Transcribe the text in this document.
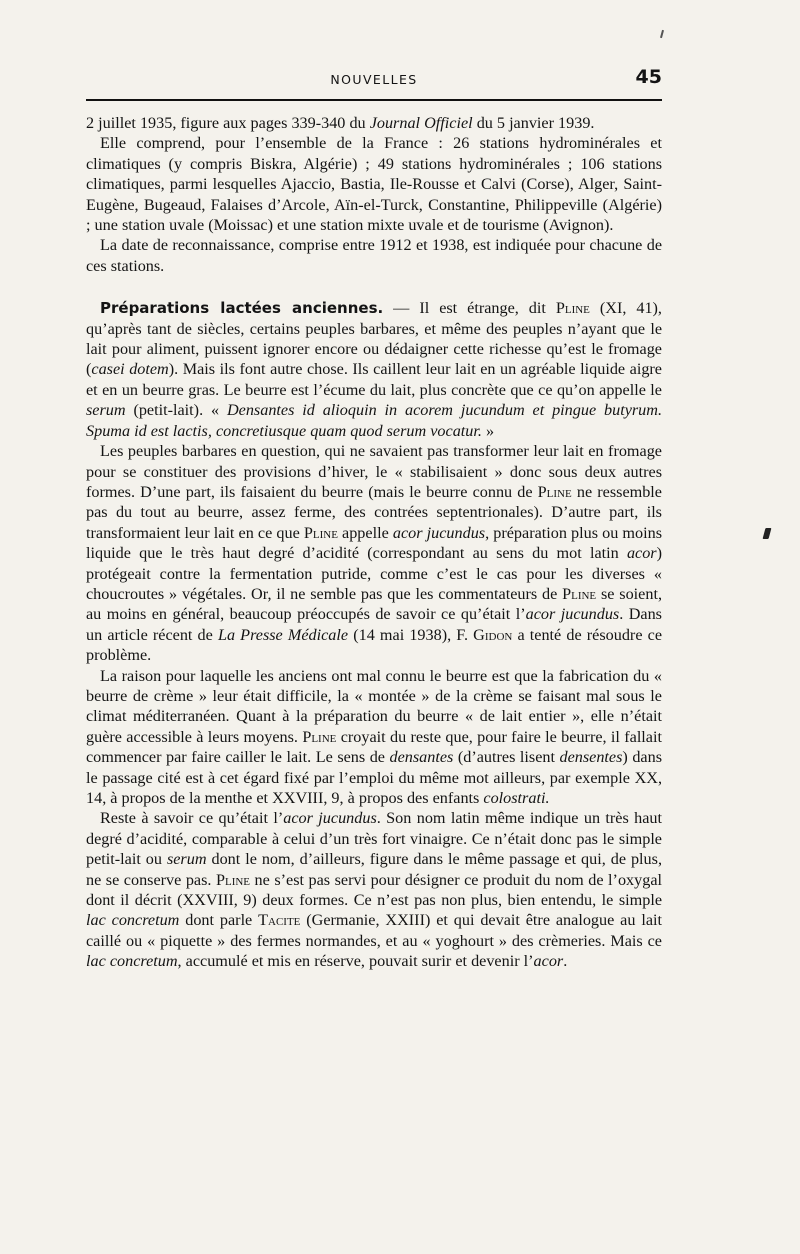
NOUVELLES	45

2 juillet 1935, figure aux pages 339-340 du Journal Officiel du 5 janvier 1939.

Elle comprend, pour l’ensemble de la France : 26 stations hydrominérales et climatiques (y compris Biskra, Algérie) ; 49 stations hydrominérales ; 106 stations climatiques, parmi lesquelles Ajaccio, Bastia, Ile-Rousse et Calvi (Corse), Alger, Saint-Eugène, Bugeaud, Falaises d’Arcole, Aïn-el-Turck, Constantine, Philippeville (Algérie) ; une station uvale (Moissac) et une station mixte uvale et de tourisme (Avignon).

La date de reconnaissance, comprise entre 1912 et 1938, est indiquée pour chacune de ces stations.

Préparations lactées anciennes. — Il est étrange, dit Pline (XI, 41), qu’après tant de siècles, certains peuples barbares, et même des peuples n’ayant que le lait pour aliment, puissent ignorer encore ou dédaigner cette richesse qu’est le fromage (casei dotem). Mais ils font autre chose. Ils caillent leur lait en un agréable liquide aigre et en un beurre gras. Le beurre est l’écume du lait, plus concrète que ce qu’on appelle le serum (petit-lait). « Densantes id alioquin in acorem jucundum et pingue butyrum. Spuma id est lactis, concretiusque quam quod serum vocatur. »

Les peuples barbares en question, qui ne savaient pas transformer leur lait en fromage pour se constituer des provisions d’hiver, le « stabilisaient » donc sous deux autres formes. D’une part, ils faisaient du beurre (mais le beurre connu de Pline ne ressemble pas du tout au beurre, assez ferme, des contrées septentrionales). D’autre part, ils transformaient leur lait en ce que Pline appelle acor jucundus, préparation plus ou moins liquide que le très haut degré d’acidité (correspondant au sens du mot latin acor) protégeait contre la fermentation putride, comme c’est le cas pour les diverses « choucroutes » végétales. Or, il ne semble pas que les commentateurs de Pline se soient, au moins en général, beaucoup préoccupés de savoir ce qu’était l’acor jucundus. Dans un article récent de La Presse Médicale (14 mai 1938), F. Gidon a tenté de résoudre ce problème.

La raison pour laquelle les anciens ont mal connu le beurre est que la fabrication du « beurre de crème » leur était difficile, la « montée » de la crème se faisant mal sous le climat méditerranéen. Quant à la préparation du beurre « de lait entier », elle n’était guère accessible à leurs moyens. Pline croyait du reste que, pour faire le beurre, il fallait commencer par faire cailler le lait. Le sens de densantes (d’autres lisent densentes) dans le passage cité est à cet égard fixé par l’emploi du même mot ailleurs, par exemple XX, 14, à propos de la menthe et XXVIII, 9, à propos des enfants colostrati.

Reste à savoir ce qu’était l’acor jucundus. Son nom latin même indique un très haut degré d’acidité, comparable à celui d’un très fort vinaigre. Ce n’était donc pas le simple petit-lait ou serum dont le nom, d’ailleurs, figure dans le même passage et qui, de plus, ne se conserve pas. Pline ne s’est pas servi pour désigner ce produit du nom de l’oxygal dont il décrit (XXVIII, 9) deux formes. Ce n’est pas non plus, bien entendu, le simple lac concretum dont parle Tacite (Germanie, XXIII) et qui devait être analogue au lait caillé ou « piquette » des fermes normandes, et au « yoghourt » des crèmeries. Mais ce lac concretum, accumulé et mis en réserve, pouvait surir et devenir l’acor.
